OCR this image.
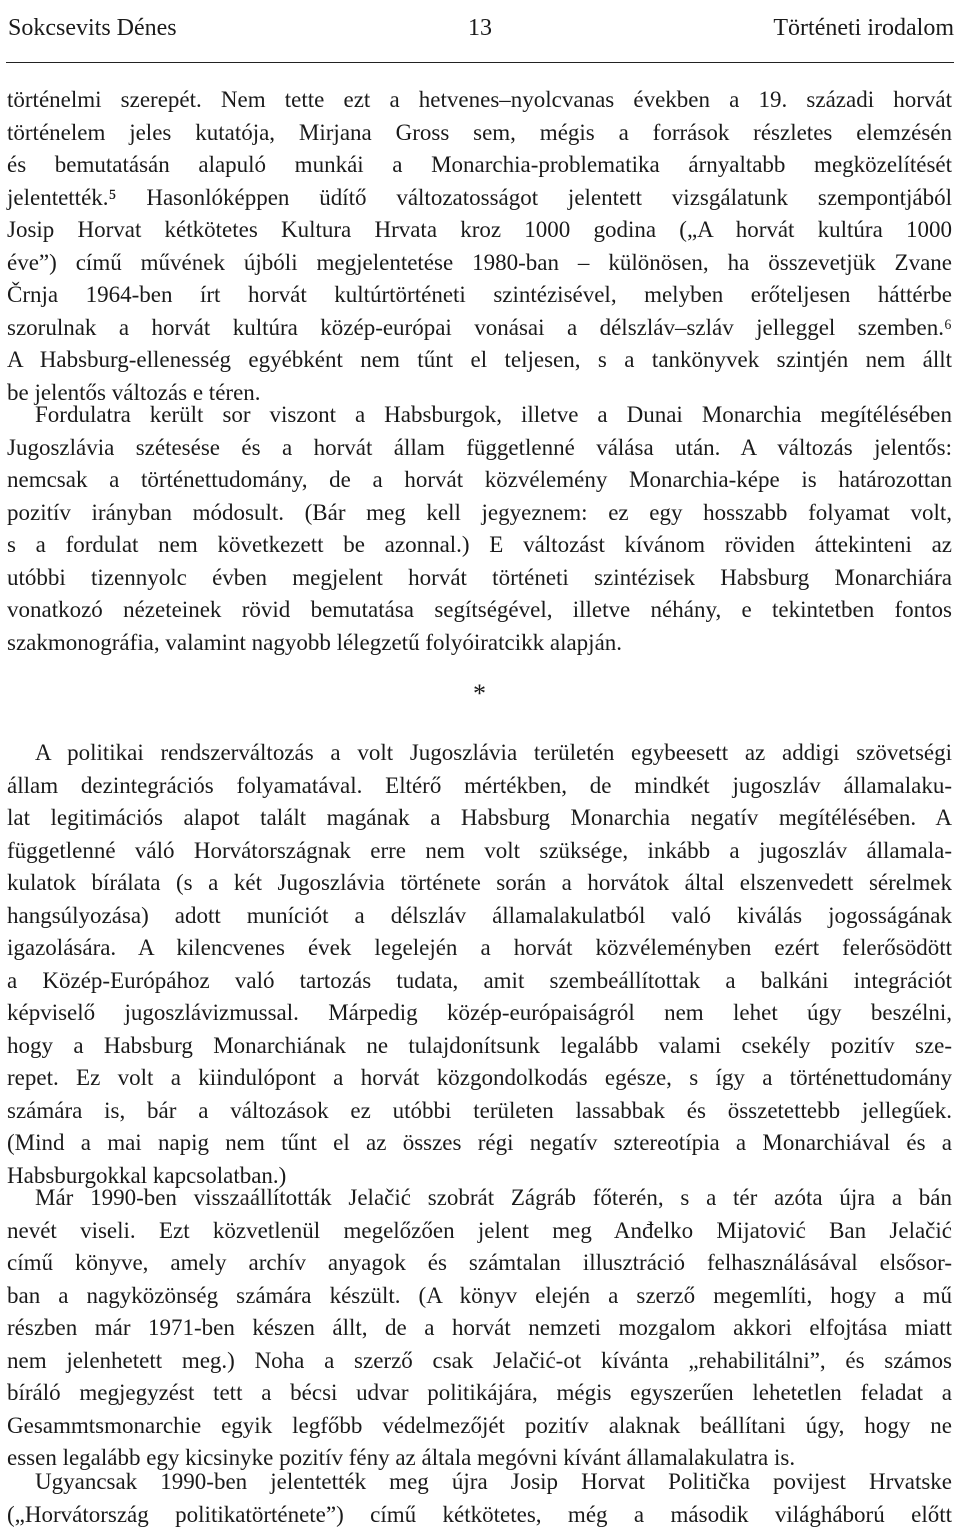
Sokcsevits Dénes	13	Történeti irodalom
történelmi szerepét. Nem tette ezt a hetvenes–nyolcvanas években a 19. századi horvát
történelem jeles kutatója, Mirjana Gross sem, mégis a források részletes elemzésén
és bemutatásán alapuló munkái a Monarchia-problematika árnyaltabb megközelítését
jelentették.⁵ Hasonlóképpen üdítő változatosságot jelentett vizsgálatunk szempontjából
Josip Horvat kétkötetes Kultura Hrvata kroz 1000 godina („A horvát kultúra 1000
éve”) című művének újbóli megjelentetése 1980-ban – különösen, ha összevetjük Zvane
Črnja 1964-ben írt horvát kultúrtörténeti szintézisével, melyben erőteljesen háttérbe
szorulnak a horvát kultúra közép-európai vonásai a délszláv–szláv jelleggel szemben.⁶
A Habsburg-ellenesség egyébként nem tűnt el teljesen, s a tankönyvek szintjén nem állt
be jelentős változás e téren.
Fordulatra került sor viszont a Habsburgok, illetve a Dunai Monarchia megítélésében
Jugoszlávia szétesése és a horvát állam függetlenné válása után. A változás jelentős:
nemcsak a történettudomány, de a horvát közvélemény Monarchia-képe is határozottan
pozitív irányban módosult. (Bár meg kell jegyeznem: ez egy hosszabb folyamat volt,
s a fordulat nem következett be azonnal.) E változást kívánom röviden áttekinteni az
utóbbi tizennyolc évben megjelent horvát történeti szintézisek Habsburg Monarchiára
vonatkozó nézeteinek rövid bemutatása segítségével, illetve néhány, e tekintetben fontos
szakmonográfia, valamint nagyobb lélegzetű folyóiratcikk alapján.
*
A politikai rendszerváltozás a volt Jugoszlávia területén egybeesett az addigi szövetségi
állam dezintegrációs folyamatával. Eltérő mértékben, de mindkét jugoszláv államalaku-
lat legitimációs alapot talált magának a Habsburg Monarchia negatív megítélésében. A
függetlenné váló Horvátországnak erre nem volt szüksége, inkább a jugoszláv államala-
kulatok bírálata (s a két Jugoszlávia története során a horvátok által elszenvedett sérelmek
hangsúlyozása) adott muníciót a délszláv államalakulatból való kiválás jogosságának
igazolására. A kilencvenes évek legelején a horvát közvéleményben ezért felerősödött
a Közép-Európához való tartozás tudata, amit szembeállítottak a balkáni integrációt
képviselő jugoszlávizmussal. Márpedig közép-európaiságról nem lehet úgy beszélni,
hogy a Habsburg Monarchiának ne tulajdonítsunk legalább valami csekély pozitív sze-
repet. Ez volt a kiindulópont a horvát közgondolkodás egésze, s így a történettudomány
számára is, bár a változások ez utóbbi területen lassabbak és összetettebb jellegűek.
(Mind a mai napig nem tűnt el az összes régi negatív sztereotípia a Monarchiával és a
Habsburgokkal kapcsolatban.)
Már 1990-ben visszaállították Jelačić szobrát Zágráb főterén, s a tér azóta újra a bán
nevét viseli. Ezt közvetlenül megelőzően jelent meg Anđelko Mijatović Ban Jelačić
című könyve, amely archív anyagok és számtalan illusztráció felhasználásával elsősor-
ban a nagyközönség számára készült. (A könyv elején a szerző megemlíti, hogy a mű
részben már 1971-ben készen állt, de a horvát nemzeti mozgalom akkori elfojtása miatt
nem jelenhetett meg.) Noha a szerző csak Jelačić-ot kívánta „rehabilitálni”, és számos
bíráló megjegyzést tett a bécsi udvar politikájára, mégis egyszerűen lehetetlen feladat a
Gesammtsmonarchie egyik legfőbb védelmezőjét pozitív alaknak beállítani úgy, hogy ne
essen legalább egy kicsinyke pozitív fény az általa megóvni kívánt államalakulatra is.
Ugyancsak 1990-ben jelentették meg újra Josip Horvat Politička povijest Hrvatske
(„Horvátország politikatörténete”) című kétkötetes, még a második világháború előtt
